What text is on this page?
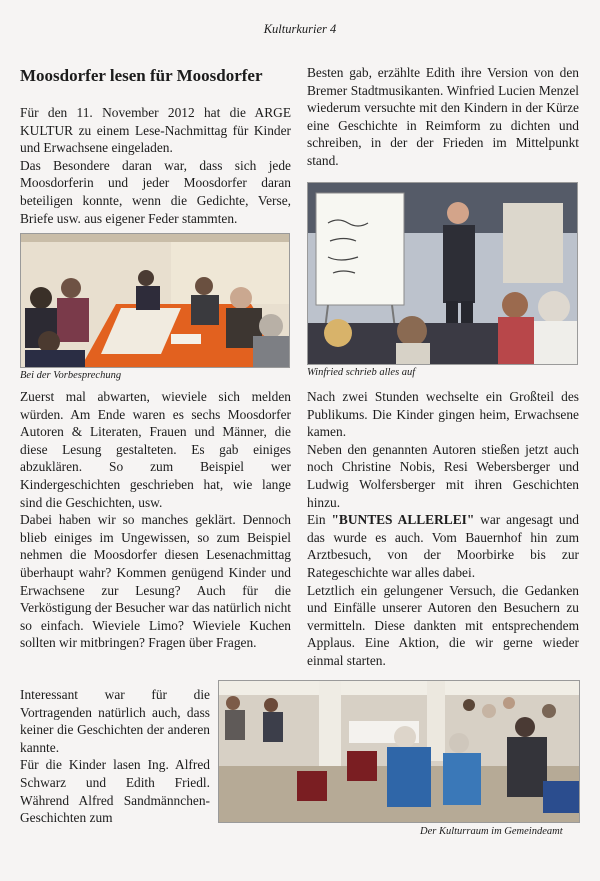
Kulturkurier 4
Moosdorfer lesen für Moosdorfer

Für den 11. November 2012 hat die ARGE KULTUR zu einem Lese-Nachmittag für Kinder und Erwachsene eingeladen.

Das Besondere daran war, dass sich jede Moosdorferin und jeder Moosdorfer daran beteiligen konnte, wenn die Gedichte, Verse, Briefe usw. aus eigener Feder stammten.

Besten gab, erzählte Edith ihre Version von den Bremer Stadtmusikanten. Winfried Lucien Menzel wiederum versuchte mit den Kindern in der Kürze eine Geschichte in Reimform zu dichten und schreiben, in der der Frieden im Mittelpunkt stand.

Bei der Vorbesprechung	Winfried schrieb alles auf

Zuerst mal abwarten, wieviele sich melden würden. Am Ende waren es sechs Moosdorfer Autoren & Literaten, Frauen und Männer, die diese Lesung gestalteten. Es gab einiges abzuklären. So zum Beispiel wer Kindergeschichten geschrieben hat, wie lange sind die Geschichten, usw.

Dabei haben wir so manches geklärt. Dennoch blieb einiges im Ungewissen, so zum Beispiel nehmen die Moosdorfer diesen Lesenachmittag überhaupt wahr? Kommen genügend Kinder und Erwachsene zur Lesung? Auch für die Verköstigung der Besucher war das natürlich nicht so einfach. Wieviele Limo? Wieviele Kuchen sollten wir mitbringen? Fragen über Fragen.

Nach zwei Stunden wechselte ein Großteil des Publikums. Die Kinder gingen heim, Erwachsene kamen.

Neben den genannten Autoren stießen jetzt auch noch Christine Nobis, Resi Webersberger und Ludwig Wolfersberger mit ihren Geschichten hinzu.

Ein "BUNTES ALLERLEI" war angesagt und das wurde es auch. Vom Bauernhof hin zum Arztbesuch, von der Moorbirke bis zur Rategeschichte war alles dabei.

Letztlich ein gelungener Versuch, die Gedanken und Einfälle unserer Autoren den Besuchern zu vermitteln. Diese dankten mit entsprechendem Applaus. Eine Aktion, die wir gerne wieder einmal starten.

Interessant war für die Vortragenden natürlich auch, dass keiner die Geschichten der anderen kannte.

Für die Kinder lasen Ing. Alfred Schwarz und Edith Friedl. Während Alfred Sandmännchen-Geschichten zum

Der Kulturraum im Gemeindeamt
